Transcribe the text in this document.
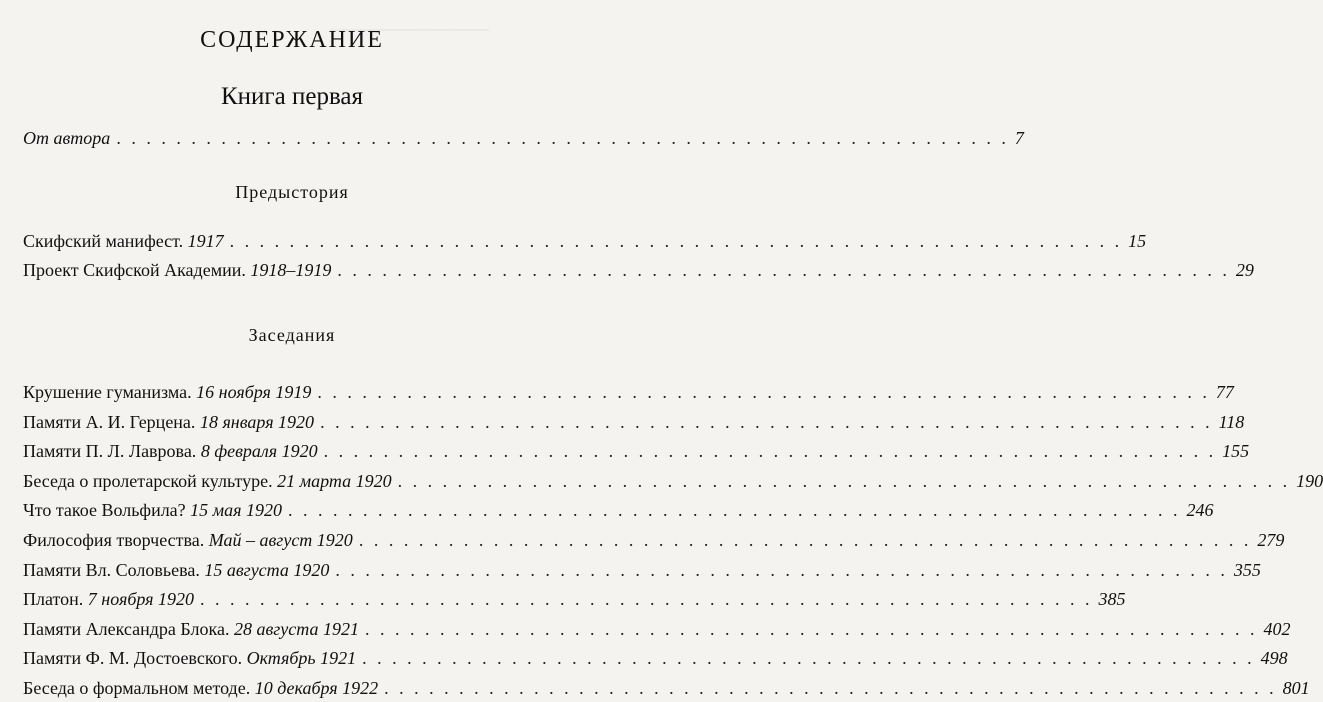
──────────────
СОДЕРЖАНИЕ
Книга первая
От автора . . . . . . . . . . . . . . . . . . . . . . . . . . . . . . . . . . . . . . . . . . . . . . . . . . . . . . . . . . . . 7
Предыстория
Скифский манифест. 1917 . . . . . . . . . . . . . . . . . . . . . . . . . . . . . . . . . . . . . . . . . . . . . . . . . . . . . . . . . . . . 15
Проект Скифской Академии. 1918–1919 . . . . . . . . . . . . . . . . . . . . . . . . . . . . . . . . . . . . . . . . . . . . . . . . . . . . . . . . . . . . 29
Заседания
Крушение гуманизма. 16 ноября 1919 . . . . . . . . . . . . . . . . . . . . . . . . . . . . . . . . . . . . . . . . . . . . . . . . . . . . . . . . . . . . 77
Памяти А. И. Герцена. 18 января 1920 . . . . . . . . . . . . . . . . . . . . . . . . . . . . . . . . . . . . . . . . . . . . . . . . . . . . . . . . . . . . 118
Памяти П. Л. Лаврова. 8 февраля 1920 . . . . . . . . . . . . . . . . . . . . . . . . . . . . . . . . . . . . . . . . . . . . . . . . . . . . . . . . . . . . 155
Беседа о пролетарской культуре. 21 марта 1920 . . . . . . . . . . . . . . . . . . . . . . . . . . . . . . . . . . . . . . . . . . . . . . . . . . . . . . . . . . . . 190
Что такое Вольфила? 15 мая 1920 . . . . . . . . . . . . . . . . . . . . . . . . . . . . . . . . . . . . . . . . . . . . . . . . . . . . . . . . . . . . 246
Философия творчества. Май – август 1920 . . . . . . . . . . . . . . . . . . . . . . . . . . . . . . . . . . . . . . . . . . . . . . . . . . . . . . . . . . . . 279
Памяти Вл. Соловьева. 15 августа 1920 . . . . . . . . . . . . . . . . . . . . . . . . . . . . . . . . . . . . . . . . . . . . . . . . . . . . . . . . . . . . 355
Платон. 7 ноября 1920 . . . . . . . . . . . . . . . . . . . . . . . . . . . . . . . . . . . . . . . . . . . . . . . . . . . . . . . . . . . . 385
Памяти Александра Блока. 28 августа 1921 . . . . . . . . . . . . . . . . . . . . . . . . . . . . . . . . . . . . . . . . . . . . . . . . . . . . . . . . . . . . 402
Памяти Ф. М. Достоевского. Октябрь 1921 . . . . . . . . . . . . . . . . . . . . . . . . . . . . . . . . . . . . . . . . . . . . . . . . . . . . . . . . . . . . 498
Беседа о формальном методе. 10 декабря 1922 . . . . . . . . . . . . . . . . . . . . . . . . . . . . . . . . . . . . . . . . . . . . . . . . . . . . . . . . . . . . 801
